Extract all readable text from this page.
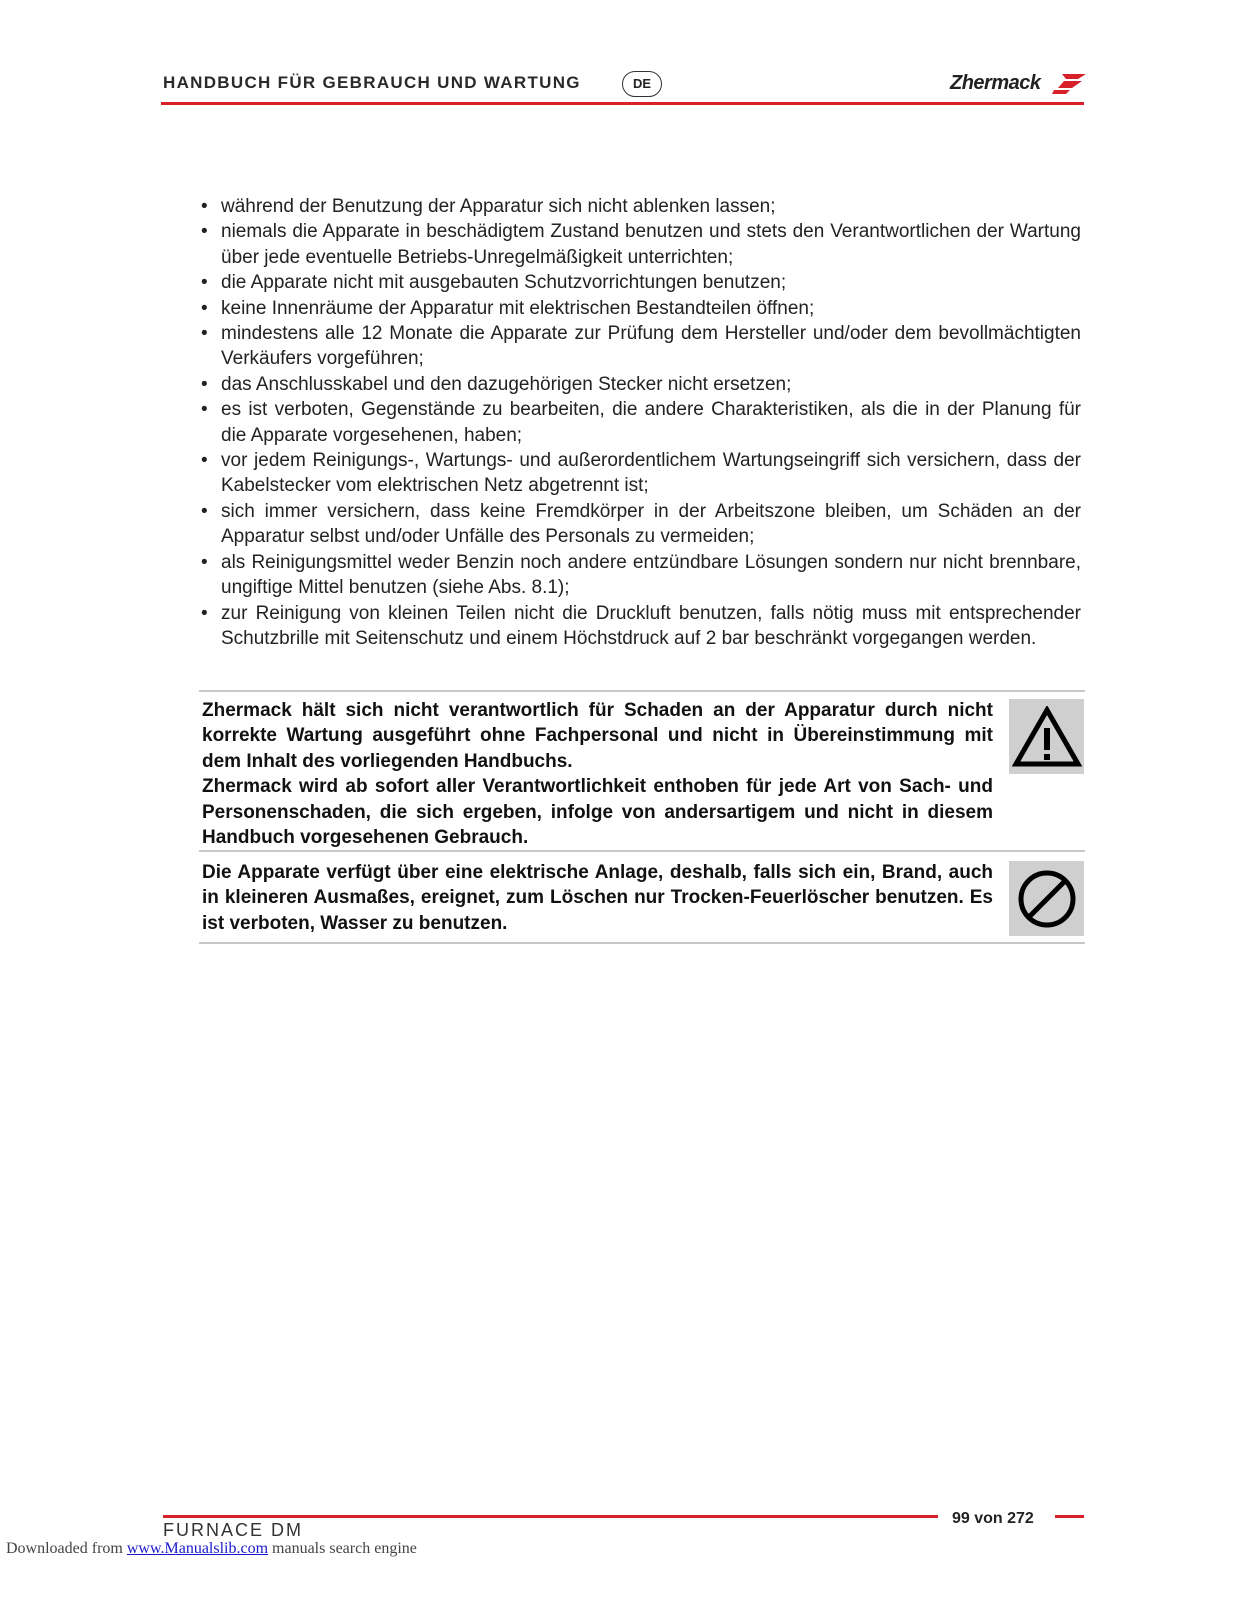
HANDBUCH FÜR GEBRAUCH UND WARTUNG	DE	Zhermack
• während der Benutzung der Apparatur sich nicht ablenken lassen;
• niemals die Apparate in beschädigtem Zustand benutzen und stets den Verantwortlichen der Wartung über jede eventuelle Betriebs-Unregelmäßigkeit unterrichten;
• die Apparate nicht mit ausgebauten Schutzvorrichtungen benutzen;
• keine Innenräume der Apparatur mit elektrischen Bestandteilen öffnen;
• mindestens alle 12 Monate die Apparate zur Prüfung dem Hersteller und/oder dem bevollmächtigten Verkäufers vorgeführen;
• das Anschlusskabel und den dazugehörigen Stecker nicht ersetzen;
• es ist verboten, Gegenstände zu bearbeiten, die andere Charakteristiken, als die in der Planung für die Apparate vorgesehenen, haben;
• vor jedem Reinigungs-, Wartungs- und außerordentlichem Wartungseingriff sich versichern, dass der Kabelstecker vom elektrischen Netz abgetrennt ist;
• sich immer versichern, dass keine Fremdkörper in der Arbeitszone bleiben, um Schäden an der Apparatur selbst und/oder Unfälle des Personals zu vermeiden;
• als Reinigungsmittel weder Benzin noch andere entzündbare Lösungen sondern nur nicht brennbare, ungiftige Mittel benutzen (siehe Abs. 8.1);
• zur Reinigung von kleinen Teilen nicht die Druckluft benutzen, falls nötig muss mit entsprechender Schutzbrille mit Seitenschutz und einem Höchstdruck auf 2 bar beschränkt vorgegangen werden.

Zhermack hält sich nicht verantwortlich für Schaden an der Apparatur durch nicht korrekte Wartung ausgeführt ohne Fachpersonal und nicht in Übereinstimmung mit dem Inhalt des vorliegenden Handbuchs.

Zhermack wird ab sofort aller Verantwortlichkeit enthoben für jede Art von Sach- und Personenschaden, die sich ergeben, infolge von andersartigem und nicht in diesem Handbuch vorgesehenen Gebrauch.

Die Apparate verfügt über eine elektrische Anlage, deshalb, falls sich ein, Brand, auch in kleineren Ausmaßes, ereignet, zum Löschen nur Trocken-Feuerlöscher benutzen. Es ist verboten, Wasser zu benutzen.

99 von 272
FURNACE DM
Downloaded from www.Manualslib.com manuals search engine
